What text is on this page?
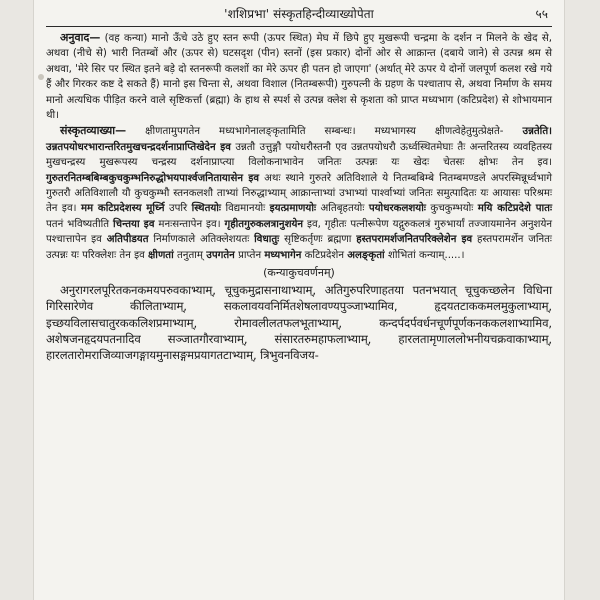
'शशिप्रभा' संस्कृतहिन्दीव्याख्योपेता	५५

अनुवाद— (वह कन्या) मानो ऊँचे उठे हुए स्तन रूपी (ऊपर स्थित) मेघ में छिपे हुए मुखरूपी चन्द्रमा के दर्शन न मिलने के खेद से, अथवा (नीचे से) भारी नितम्बों और (ऊपर से) घटसदृश (पीन) स्तनों (इस प्रकार) दोनों ओर से आक्रान्त (दबाये जाने) से उत्पन्न श्रम से अथवा, 'मेरे सिर पर स्थित इतने बड़े दो स्तनरूपी कलशों का मेरे ऊपर ही पतन हो जाएगा' (अर्थात् मेरे ऊपर ये दोनों जलपूर्ण कलश रखे गये हैं और गिरकर कष्ट दे सकते हैं) मानो इस चिन्ता से, अथवा विशाल (नितम्बरूपी) गुरुपत्नी के ग्रहण के पश्चाताप से, अथवा निर्माण के समय मानो अत्यधिक पीड़ित करने वाले सृष्टिकर्त्ता (ब्रह्मा) के हाथ से स्पर्श से उत्पन्न क्लेश से कृशता को प्राप्त मध्यभाग (कटिप्रदेश) से शोभायमान थी।

संस्कृतव्याख्या— क्षीणतामुपगतेन मध्यभागेनालङ्कृतामिति सम्बन्धः। मध्यभागस्य क्षीणत्वेहेतुमुत्प्रेक्षते- उन्नतेति। उन्नतपयोधरभारान्तरितमुखचन्द्रदर्शनाप्राप्तिखेदेन इव उन्नतौ उत्तुङ्गौ पयोधरौस्तनौ एव उन्नतपयोधरौ ऊर्ध्वस्थितमेघाः तैः अन्तरितस्य व्यवहितस्य मुखचन्द्रस्य मुखरूपस्य चन्द्रस्य दर्शनाप्राप्त्या विलोकनाभावेन जनितः उत्पन्नः यः खेदः चेतसः क्षोभः तेन इव। गुरुतरनितम्बबिम्बकुचकुम्भनिरुद्धोभयपार्श्वजनितायासेन इव अथः स्थाने गुरुतरे अतिविशाले ये नितम्बबिम्बे नितम्बमण्डले अपरस्मिन्नूर्ध्वभागे गुरुतरौ अतिविशालौ यौ कुचकुम्भौ स्तनकलशौ ताभ्यां निरुद्धाभ्याम् आक्रान्ताभ्यां उभाभ्यां पार्श्वाभ्यां जनितः समुत्पादितः यः आयासः परिश्रमः तेन इव। मम कटिप्रदेशस्य मूर्ध्नि उपरि स्थितयोः विद्यमानयोः इयत्प्रमाणयोः अतिबृहतयोः पयोधरकलशयोः कुचकुम्भयोः मयि कटिप्रदेशे पातः पतनं भविष्यतीति चिन्तया इव मनःसन्तापेन इव। गृहीतगुरुकलत्रानुशयेन इव, गृहीतः पत्नीरूपेण यद्गुरुकलत्रं गुरुभार्यां तज्जायमानेन अनुशयेन पश्चात्तापेन इव अतिपीडयत निर्माणकाले अतिक्लेशयतः विधातुः सृष्टिकर्तृणः ब्रह्मणा हस्तपरामर्शजनितपरिक्लेशेन इव हस्तपरामर्शेन जनितः उत्पन्नः यः परिक्लेशः तेन इव क्षीणतां तनुताम् उपगतेन प्राप्तेन मध्यभागेन कटिप्रदेशेन अलङ्कृतां शोभितां कन्याम्.....।

(कन्याकुचवर्णनम्)

अनुरागरलपूरितकनकमयपरुवकाभ्याम्, चूचुकमुद्रासनाथाभ्याम्, अतिगुरुपरिणाहतया पतनभयात् चूचुकच्छलेन विधिना गिरिसारेणेव कीलिताभ्याम्, सकलावयवनिर्मितशेषलावण्यपुञ्जाभ्यामिव, हृदयतटाककमलमुकुलाभ्याम्, इच्छयविलासचातुरककलिशप्रमाभ्याम्, रोमावलीलतफलभूताभ्याम्, कन्दर्पदर्पवर्धनचूर्णपूर्णकनककलशाभ्यामिव, अशेषजनहृदयपतनादिव सञ्जातगौरवाभ्याम्, संसारतरुमहाफलाभ्याम्, हारलतामृणाललोभनीयचक्रवाकाभ्याम्, हारलतारोमराजिव्याजगङ्गायमुनासङ्गमप्रयागतटाभ्याम्, त्रिभुवनविजय-
